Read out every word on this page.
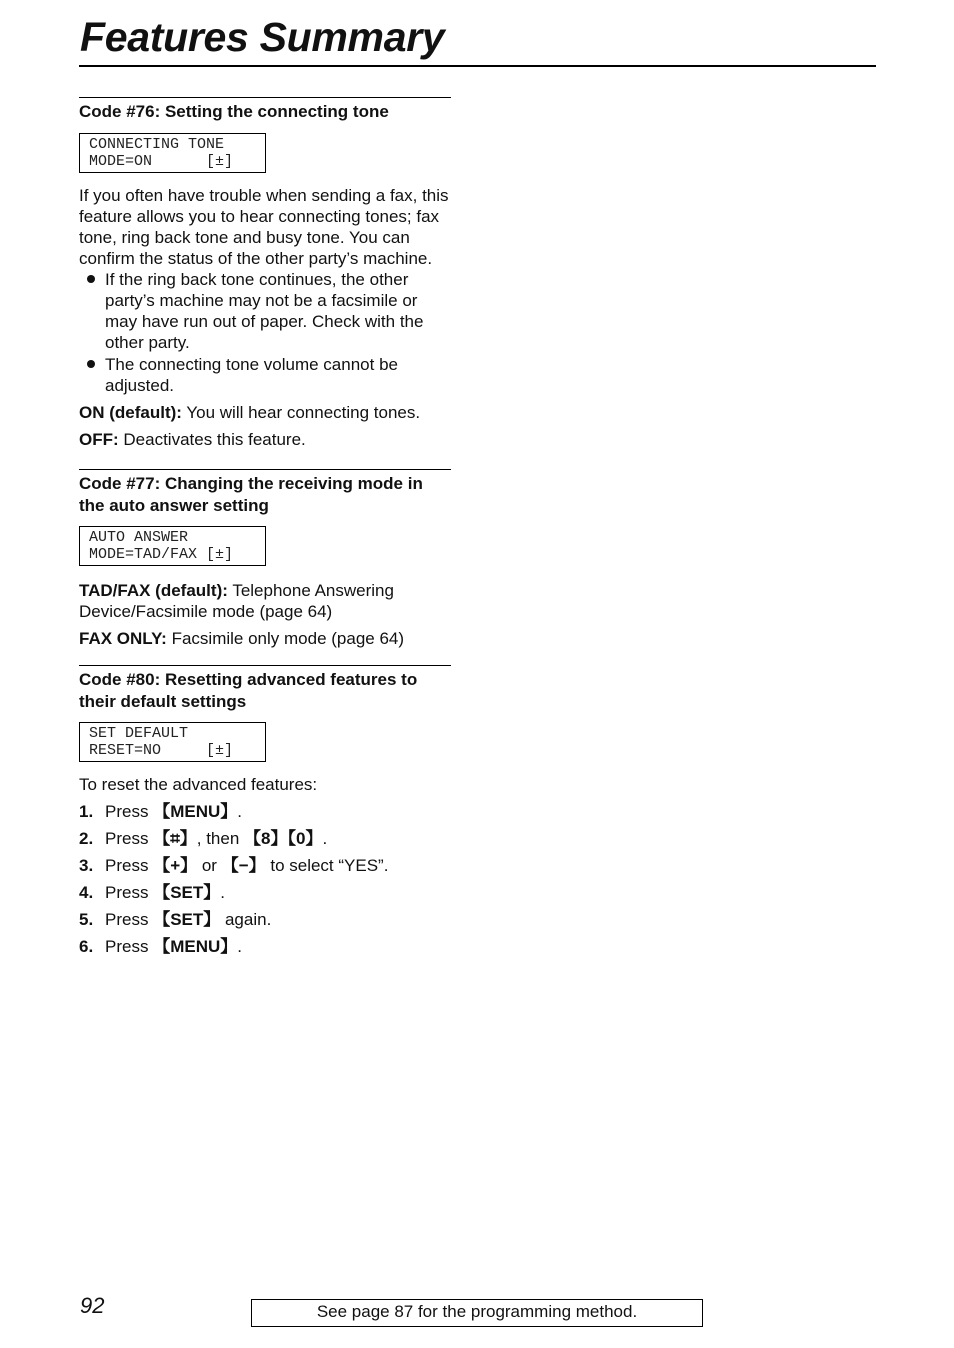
Features Summary
Code #76: Setting the connecting tone
CONNECTING TONE
MODE=ON      [±]

If you often have trouble when sending a fax, this feature allows you to hear connecting tones; fax tone, ring back tone and busy tone. You can confirm the status of the other party’s machine.

If the ring back tone continues, the other party’s machine may not be a facsimile or may have run out of paper. Check with the other party.
The connecting tone volume cannot be adjusted.

ON (default): You will hear connecting tones.

OFF: Deactivates this feature.

Code #77: Changing the receiving mode in the auto answer setting
AUTO ANSWER
MODE=TAD/FAX [±]

TAD/FAX (default): Telephone Answering Device/Facsimile mode (page 64)

FAX ONLY: Facsimile only mode (page 64)

Code #80: Resetting advanced features to their default settings
SET DEFAULT
RESET=NO     [±]

To reset the advanced features:

1. Press 【MENU】.
2. Press 【⌗】, then 【8】【0】.
3. Press 【+】 or 【−】 to select “YES”.
4. Press 【SET】.
5. Press 【SET】 again.
6. Press 【MENU】.
92	See page 87 for the programming method.
